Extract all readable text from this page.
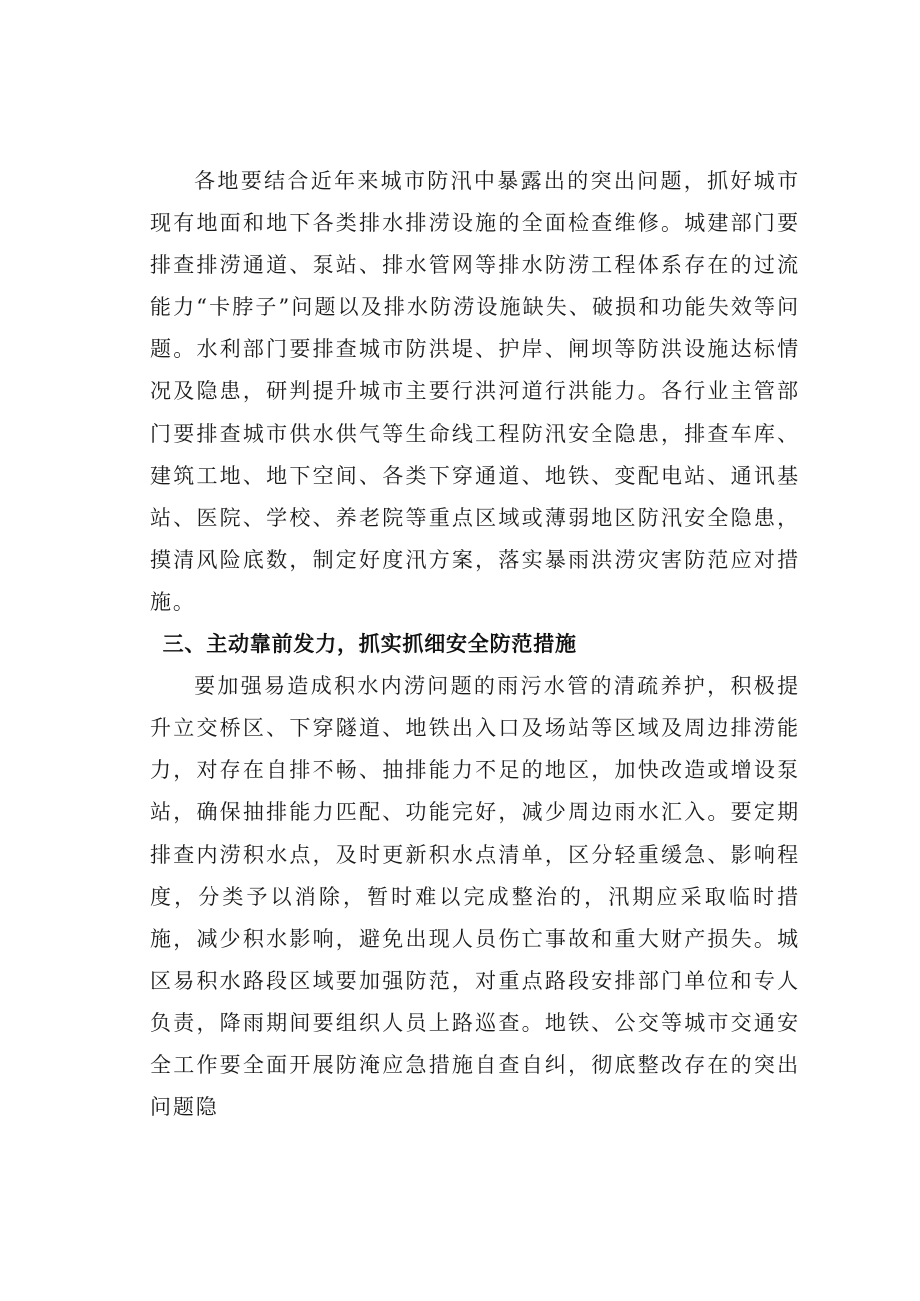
各地要结合近年来城市防汛中暴露出的突出问题，抓好城市现有地面和地下各类排水排涝设施的全面检查维修。城建部门要排查排涝通道、泵站、排水管网等排水防涝工程体系存在的过流能力“卡脖子”问题以及排水防涝设施缺失、破损和功能失效等问题。水利部门要排查城市防洪堤、护岸、闸坝等防洪设施达标情况及隐患，研判提升城市主要行洪河道行洪能力。各行业主管部门要排查城市供水供气等生命线工程防汛安全隐患，排查车库、建筑工地、地下空间、各类下穿通道、地铁、变配电站、通讯基站、医院、学校、养老院等重点区域或薄弱地区防汛安全隐患，摸清风险底数，制定好度汛方案，落实暴雨洪涝灾害防范应对措施。

三、主动靠前发力，抓实抓细安全防范措施

要加强易造成积水内涝问题的雨污水管的清疏养护，积极提升立交桥区、下穿隧道、地铁出入口及场站等区域及周边排涝能力，对存在自排不畅、抽排能力不足的地区，加快改造或增设泵站，确保抽排能力匹配、功能完好，减少周边雨水汇入。要定期排查内涝积水点，及时更新积水点清单，区分轻重缓急、影响程度，分类予以消除，暂时难以完成整治的，汛期应采取临时措施，减少积水影响，避免出现人员伤亡事故和重大财产损失。城区易积水路段区域要加强防范，对重点路段安排部门单位和专人负责，降雨期间要组织人员上路巡查。地铁、公交等城市交通安全工作要全面开展防淹应急措施自查自纠，彻底整改存在的突出问题隐
